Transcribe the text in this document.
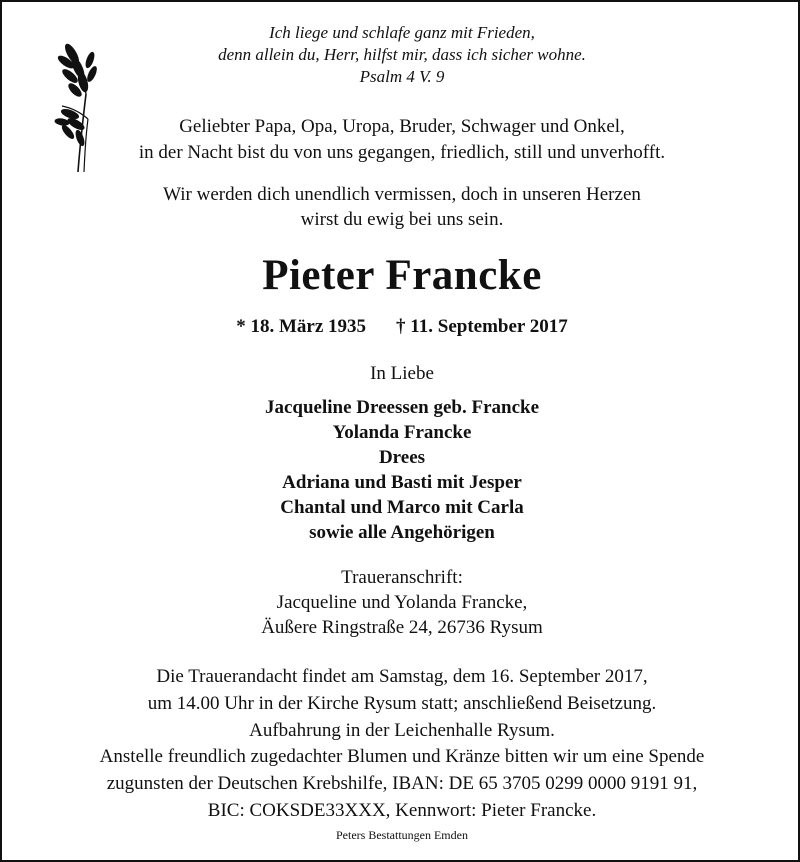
Ich liege und schlafe ganz mit Frieden,
denn allein du, Herr, hilfst mir, dass ich sicher wohne.
Psalm 4 V. 9
Geliebter Papa, Opa, Uropa, Bruder, Schwager und Onkel,
in der Nacht bist du von uns gegangen, friedlich, still und unverhofft.
Wir werden dich unendlich vermissen, doch in unseren Herzen
wirst du ewig bei uns sein.
Pieter Francke
* 18. März 1935 † 11. September 2017
In Liebe
Jacqueline Dreessen geb. Francke
Yolanda Francke
Drees
Adriana und Basti mit Jesper
Chantal und Marco mit Carla
sowie alle Angehörigen
Traueranschrift:
Jacqueline und Yolanda Francke,
Äußere Ringstraße 24, 26736 Rysum
Die Trauerandacht findet am Samstag, dem 16. September 2017,
um 14.00 Uhr in der Kirche Rysum statt; anschließend Beisetzung.
Aufbahrung in der Leichenhalle Rysum.
Anstelle freundlich zugedachter Blumen und Kränze bitten wir um eine Spende
zugunsten der Deutschen Krebshilfe, IBAN: DE 65 3705 0299 0000 9191 91,
BIC: COKSDE33XXX, Kennwort: Pieter Francke.
Peters Bestattungen Emden
